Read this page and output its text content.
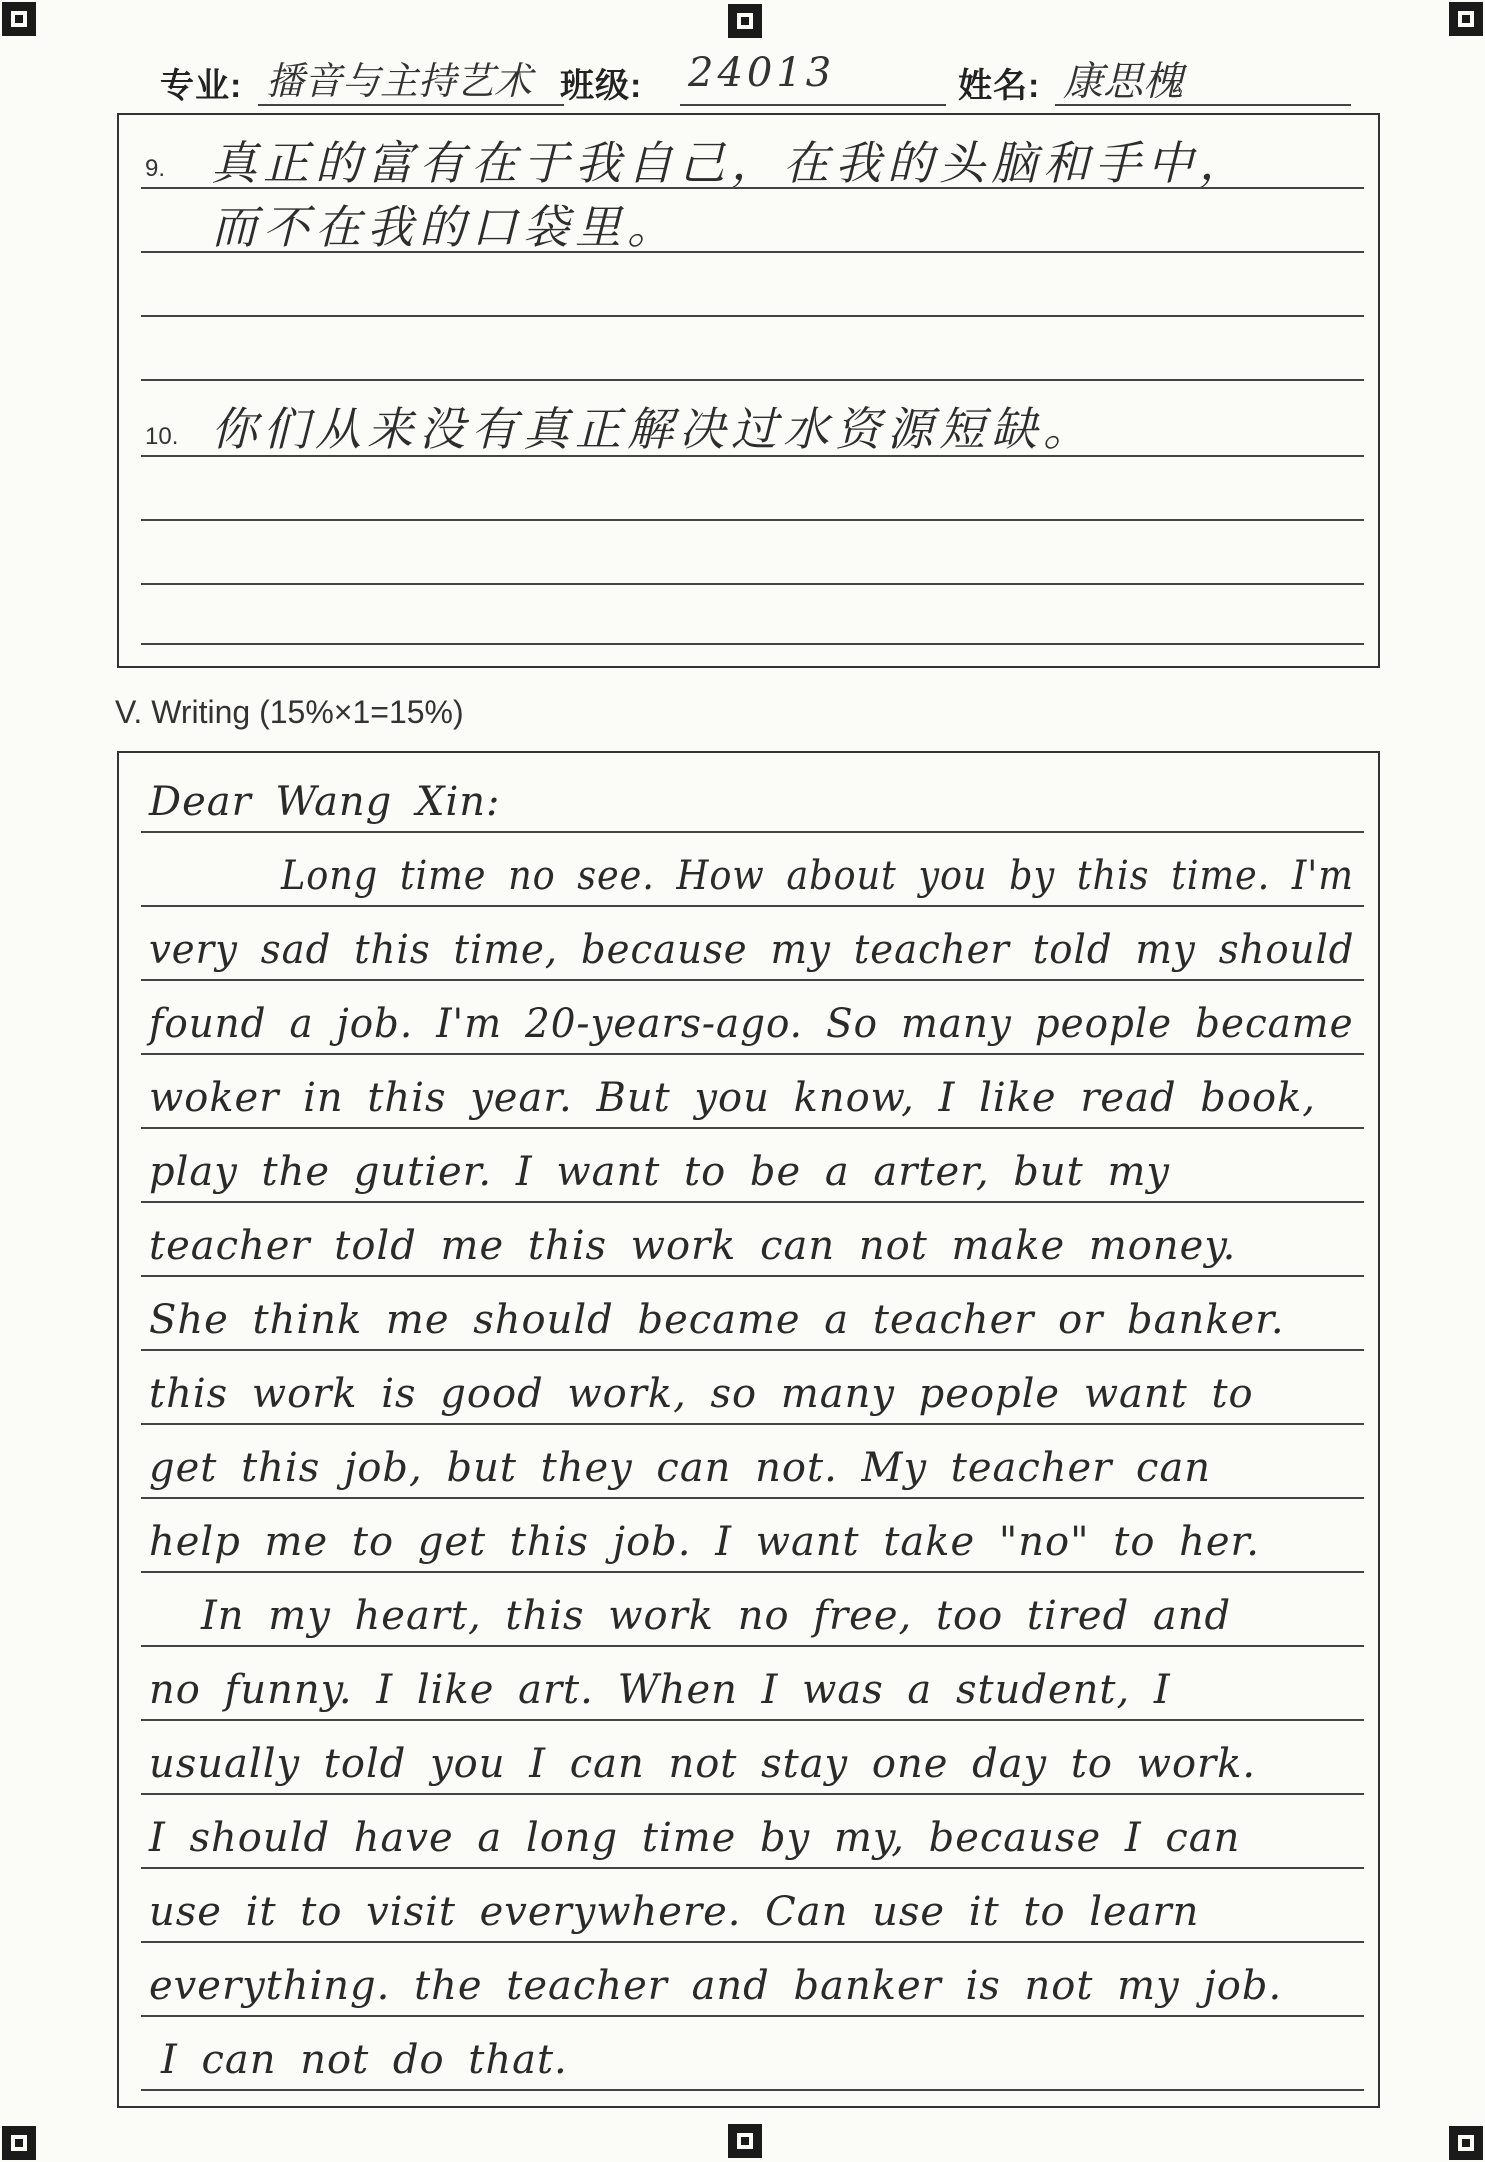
专业: 播音与主持艺术 班级: 24013	姓名: 康思槐
9. 真正的富有在于我自己，在我的头脑和手中，
而不在我的口袋里。
10. 你们从来没有真正解决过水资源短缺。
V. Writing (15%×1=15%)
Dear Wang Xin:
Long time no see. How about you by this time. I'm
very sad this time, because my teacher told my should
found a job. I'm 20-years-ago. So many people became
woker in this year. But you know, I like read book,
play the gutier. I want to be a arter, but my
teacher told me this work can not make money.
She think me should became a teacher or banker.
this work is good work, so many people want to
get this job, but they can not. My teacher can
help me to get this job. I want take "no" to her.
In my heart, this work no free, too tired and
no funny. I like art. When I was a student, I
usually told you I can not stay one day to work.
I should have a long time by my, because I can
use it to visit everywhere. Can use it to learn
everything. the teacher and banker is not my job.
I can not do that.
